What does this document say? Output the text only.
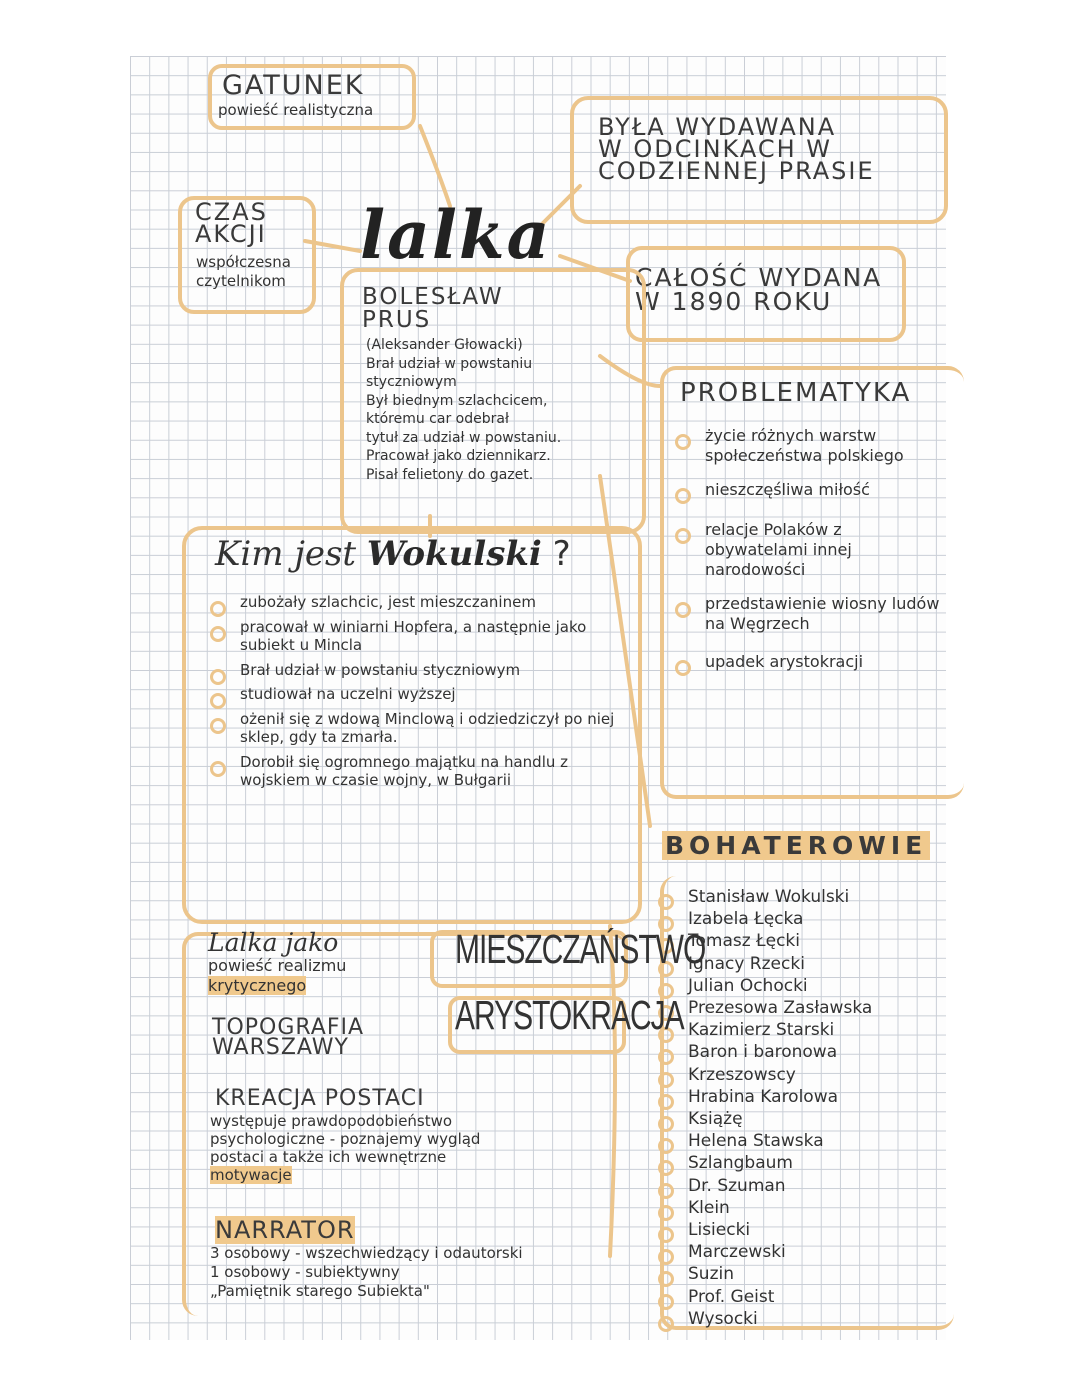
GATUNEK
powieść realistyczna
CZAS
AKCJI
współczesna czytelnikom
lalka
BYŁA WYDAWANA
W ODCINKACH W
CODZIENNEJ PRASIE
CAŁOŚĆ WYDANA
W 1890 ROKU
BOLESŁAW
PRUS
(Aleksander Głowacki)
Brał udział w powstaniu
styczniowym
Był biednym szlachcicem,
któremu car odebrał
tytuł za udział w powstaniu.
Pracował jako dziennikarz.
Pisał felietony do gazet.
PROBLEMATYKA
życie różnych warstw społeczeństwa polskiego
nieszczęśliwa miłość
relacje Polaków z obywatelami innej narodowości
przedstawienie wiosny ludów na Węgrzech
upadek arystokracji
Kim jest Wokulski ?
zubożały szlachcic, jest mieszczaninem
pracował w winiarni Hopfera, a następnie jako subiekt u Mincla
Brał udział w powstaniu styczniowym
studiował na uczelni wyższej
ożenił się z wdową Minclową i odziedziczył po niej sklep, gdy ta zmarła.
Dorobił się ogromnego majątku na handlu z wojskiem w czasie wojny, w Bułgarii
BOHATEROWIE
Stanisław Wokulski
Izabela Łęcka
Tomasz Łęcki
Ignacy Rzecki
Julian Ochocki
Prezesowa Zasławska
Kazimierz Starski
Baron i baronowa
Krzeszowscy
Hrabina Karolowa
Książę
Helena Stawska
Szlangbaum
Dr. Szuman
Klein
Lisiecki
Marczewski
Suzin
Prof. Geist
Wysocki
Lalka jako
powieść realizmu
krytycznego
TOPOGRAFIA
WARSZAWY
MIESZCZAŃSTWO
ARYSTOKRACJA
KREACJA POSTACI
występuje prawdopodobieństwo
psychologiczne - poznajemy wygląd
postaci a także ich wewnętrzne
motywacje
NARRATOR
3 osobowy - wszechwiedzący i odautorski
1 osobowy - subiektywny
„Pamiętnik starego Subiekta"
